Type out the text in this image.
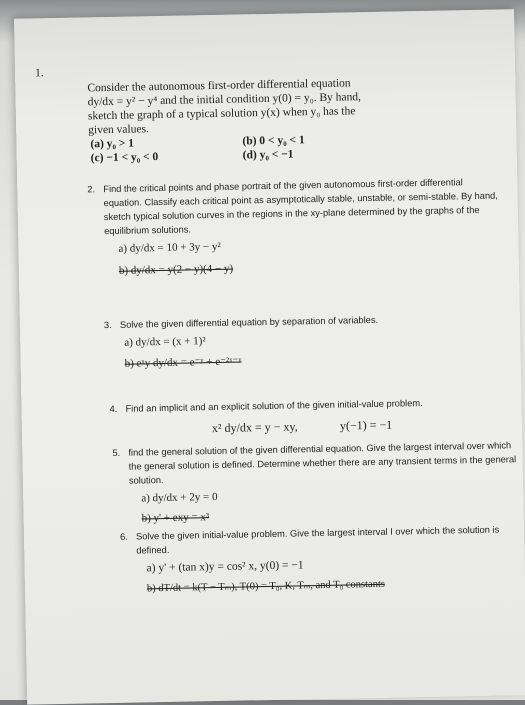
1.
Consider the autonomous first-order differential equation
dy/dx = y² − y⁴ and the initial condition y(0) = y₀. By hand,
sketch the graph of a typical solution y(x) when y₀ has the
given values.
(a) y₀ > 1	(b) 0 < y₀ < 1
(c) −1 < y₀ < 0	(d) y₀ < −1
2. Find the critical points and phase portrait of the given autonomous first-order differential
equation. Classify each critical point as asymptotically stable, unstable, or semi-stable. By hand,
sketch typical solution curves in the regions in the xy-plane determined by the graphs of the
equilibrium solutions.
a) dy/dx = 10 + 3y − y²
b) dy/dx = y(2 − y)(4 − y)
3. Solve the given differential equation by separation of variables.
a) dy/dx = (x + 1)²
b) eˣy dy/dx = e⁻ʸ + e⁻²ˣ⁻ʸ
4. Find an implicit and an explicit solution of the given initial-value problem.
x² dy/dx = y − xy,	y(−1) = −1
5. find the general solution of the given differential equation. Give the largest interval over which
the general solution is defined. Determine whether there are any transient terms in the general
solution.
a) dy/dx + 2y = 0
b) y' + exy = x³
6. Solve the given initial-value problem. Give the largest interval I over which the solution is
defined.
a) y' + (tan x)y = cos² x, y(0) = −1
b) dT/dt = k(T − Tₘ), T(0) = T₀, K, Tₘ, and T₀ constants
